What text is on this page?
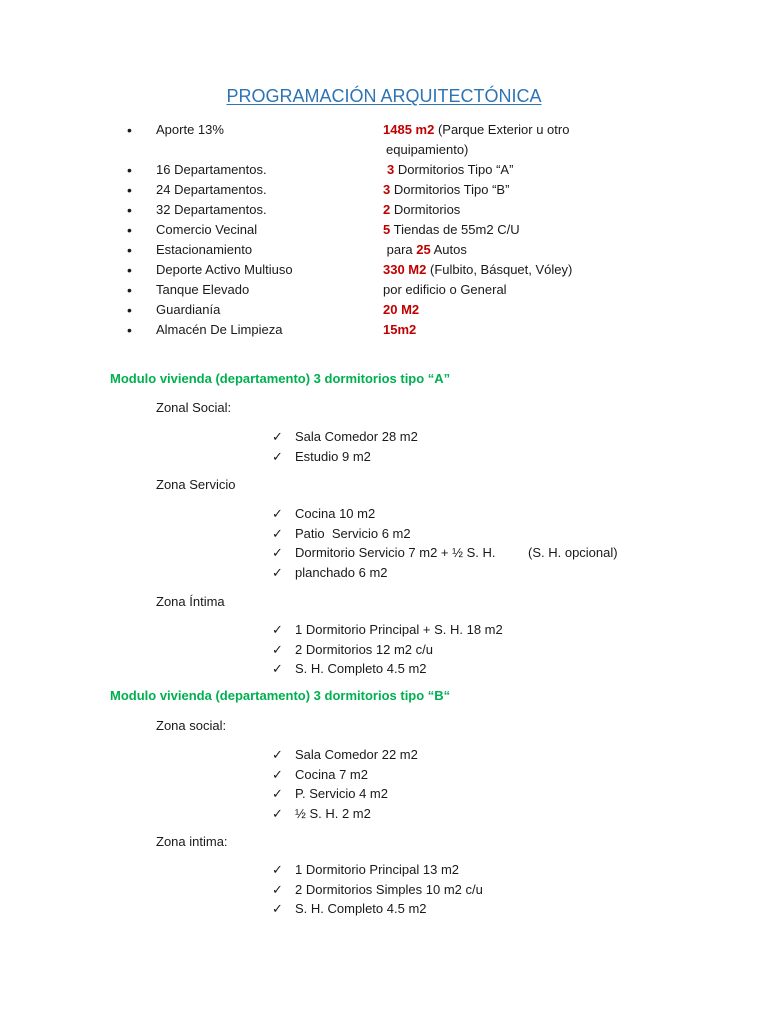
PROGRAMACIÓN ARQUITECTÓNICA
• Aporte 13%	1485 m2 (Parque Exterior u otro
equipamiento)
• 16 Departamentos.	3 Dormitorios Tipo “A”
• 24 Departamentos.	3 Dormitorios Tipo “B”
• 32 Departamentos.	2 Dormitorios
• Comercio Vecinal	5 Tiendas de 55m2 C/U
• Estacionamiento	para 25 Autos
• Deporte Activo Multiuso	330 M2 (Fulbito, Básquet, Vóley)
• Tanque Elevado	por edificio o General
• Guardianía	20 M2
• Almacén De Limpieza	15m2
Modulo vivienda (departamento) 3 dormitorios tipo “A”
Zonal Social:
✓ Sala Comedor 28 m2
✓ Estudio 9 m2
Zona Servicio
✓ Cocina 10 m2
✓ Patio  Servicio 6 m2
✓ Dormitorio Servicio 7 m2 + ½ S. H.	(S. H. opcional)
✓ planchado 6 m2
Zona Íntima
✓ 1 Dormitorio Principal + S. H. 18 m2
✓ 2 Dormitorios 12 m2 c/u
✓ S. H. Completo 4.5 m2
Modulo vivienda (departamento) 3 dormitorios tipo “B“
Zona social:
✓ Sala Comedor 22 m2
✓ Cocina 7 m2
✓ P. Servicio 4 m2
✓ ½ S. H. 2 m2
Zona intima:
✓ 1 Dormitorio Principal 13 m2
✓ 2 Dormitorios Simples 10 m2 c/u
✓ S. H. Completo 4.5 m2
